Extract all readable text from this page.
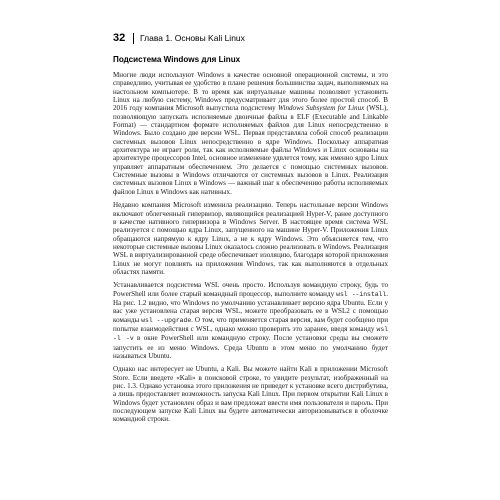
32 Глава 1. Основы Kali Linux
Подсистема Windows для Linux

Многие люди используют Windows в качестве основной операционной системы, и это справедливо, учитывая ее удобство в плане решения большинства задач, выполняемых на настольном компьютере. В то время как виртуальные машины позволяют установить Linux на любую систему, Windows предусматривает для этого более простой способ. В 2016 году компания Microsoft выпустила подсистему Windows Subsystem for Linux (WSL), позволяющую запускать исполняемые двоичные файлы в ELF (Executable and Linkable Format) — стандартном формате исполняемых файлов для Linux непосредственно в Windows. Было создано две версии WSL. Первая представляла собой способ реализации системных вызовов Linux непосредственно в ядре Windows. Поскольку аппаратная архитектура не играет роли, так как исполняемые файлы Windows и Linux основаны на архитектуре процессоров Intel, основное изменение удвлется тому, как именно ядро Linux управляет аппаратным обеспечением. Это делается с помощью системных вызовов. Системные вызовы в Windows отличаются от системных вызовов в Linux. Реализация системных вызовов Linux в Windows — важный шаг к обеспечению работы исполняемых файлов Linux в Windows как нативных.

Недавно компания Microsoft изменила реализацию. Теперь настольные версии Windows включают облегченный гипервизор, являющийся реализацией Hyper-V, ранее доступного в качестве нативного гипервизора в Windows Server. В настоящее время система WSL реализуется с помощью ядра Linux, запущенного на машине Hyper-V. Приложения Linux обращаются напрямую к ядру Linux, а не к ядру Windows. Это объясняется тем, что некоторые системные вызовы Linux оказалось сложно реализовать в Windows. Реализация WSL в виртуализированной среде обеспечивает изоляцию, благодаря которой приложения Linux не могут повлиять на приложения Windows, так как выполняются в отдельных областях памяти.

Устанавливается подсистема WSL очень просто. Используя командную строку, будь то PowerShell или более старый командный процессор, выполните команду wsl --install. На рис. 1.2 видно, что Windows по умолчанию устанавливает версию ядра Ubuntu. Если у вас уже установлена старая версия WSL, можете преобразовать ее в WSL2 с помощью команды wsl --upgrade. О том, что применяется старая версия, вам будет сообщено при попытке взаимодействия с WSL, однако можно проверить это заранее, введя команду wsl -l -v в окне PowerShell или командную строку. После установки среды вы сможете запустить ее из меню Windows. Среда Ubuntu в этом меню по умолчанию будет называться Ubuntu.

Однако нас интересует не Ubuntu, а Kali. Вы можете найти Kali в приложении Microsoft Store. Если введете «Kali» в поисковой строке, то увидите результат, изображенный на рис. 1.3. Однако установка этого приложения не приведет к установке всего дистрибутива, а лишь предоставляет возможность запуска Kali Linux. При первом открытии Kali Linux в Windows будет установлен образ и вам предложат ввести имя пользователя и пароль. При последующем запуске Kali Linux вы будете автоматически авторизовываться в оболочке командной строки.
